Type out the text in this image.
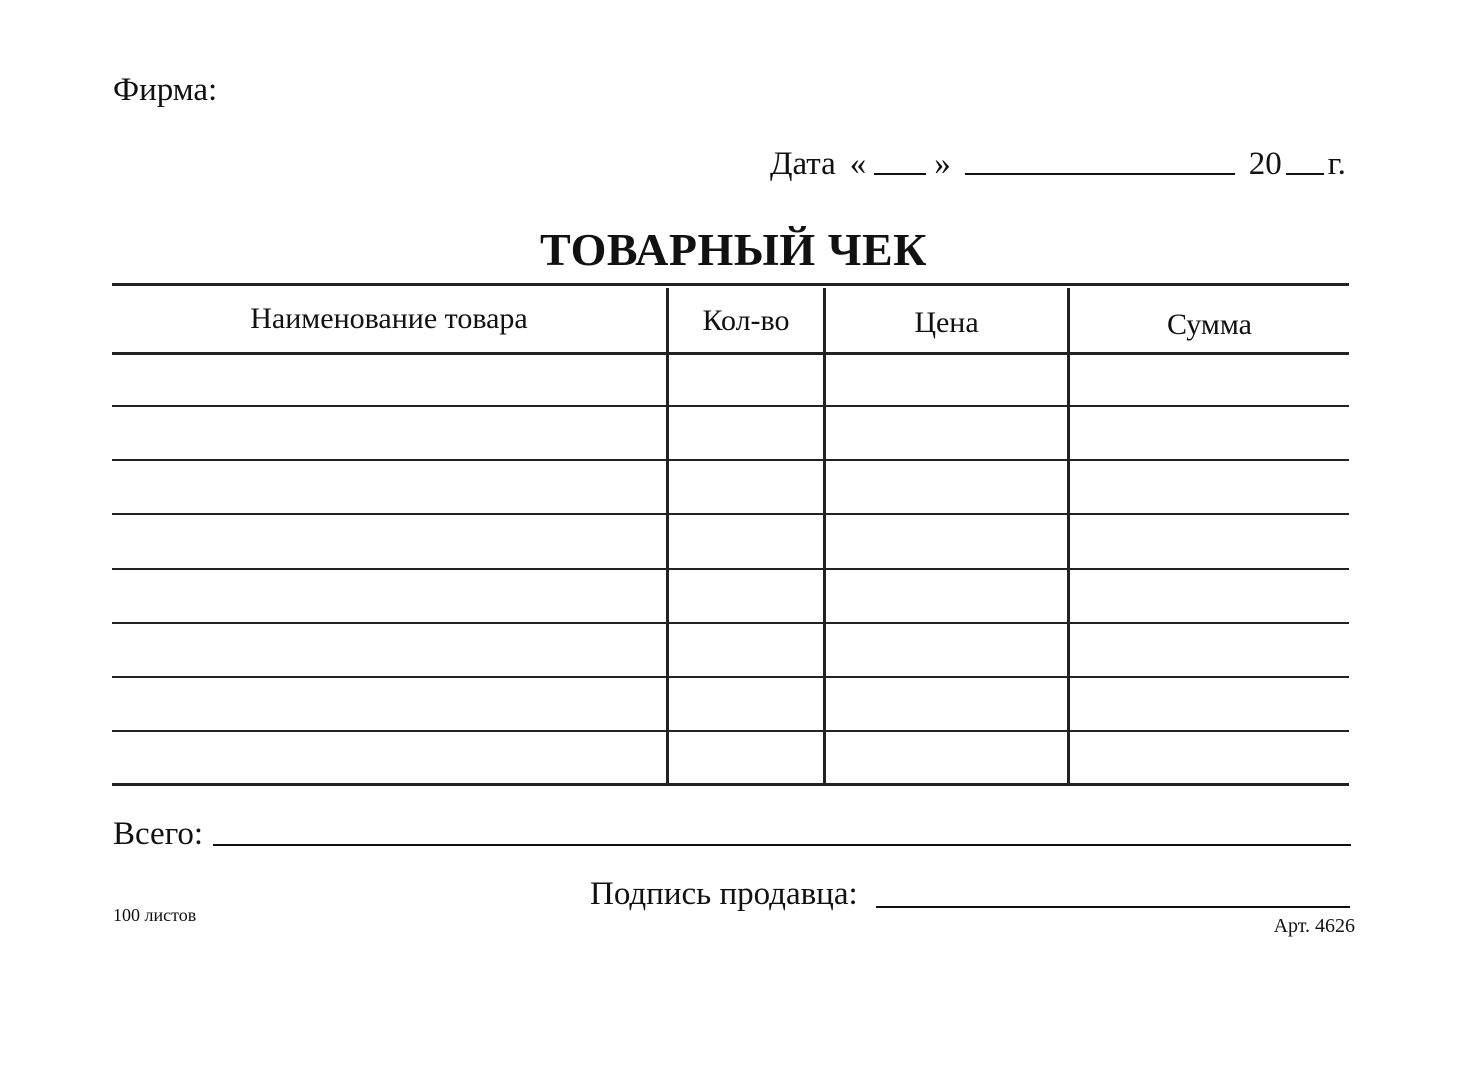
Фирма:
Дата « »	20 г.
ТОВАРНЫЙ ЧЕК
Наименование товара	Кол-во	Цена	Сумма
Всего:
Подпись продавца:
100 листов	Арт. 4626
